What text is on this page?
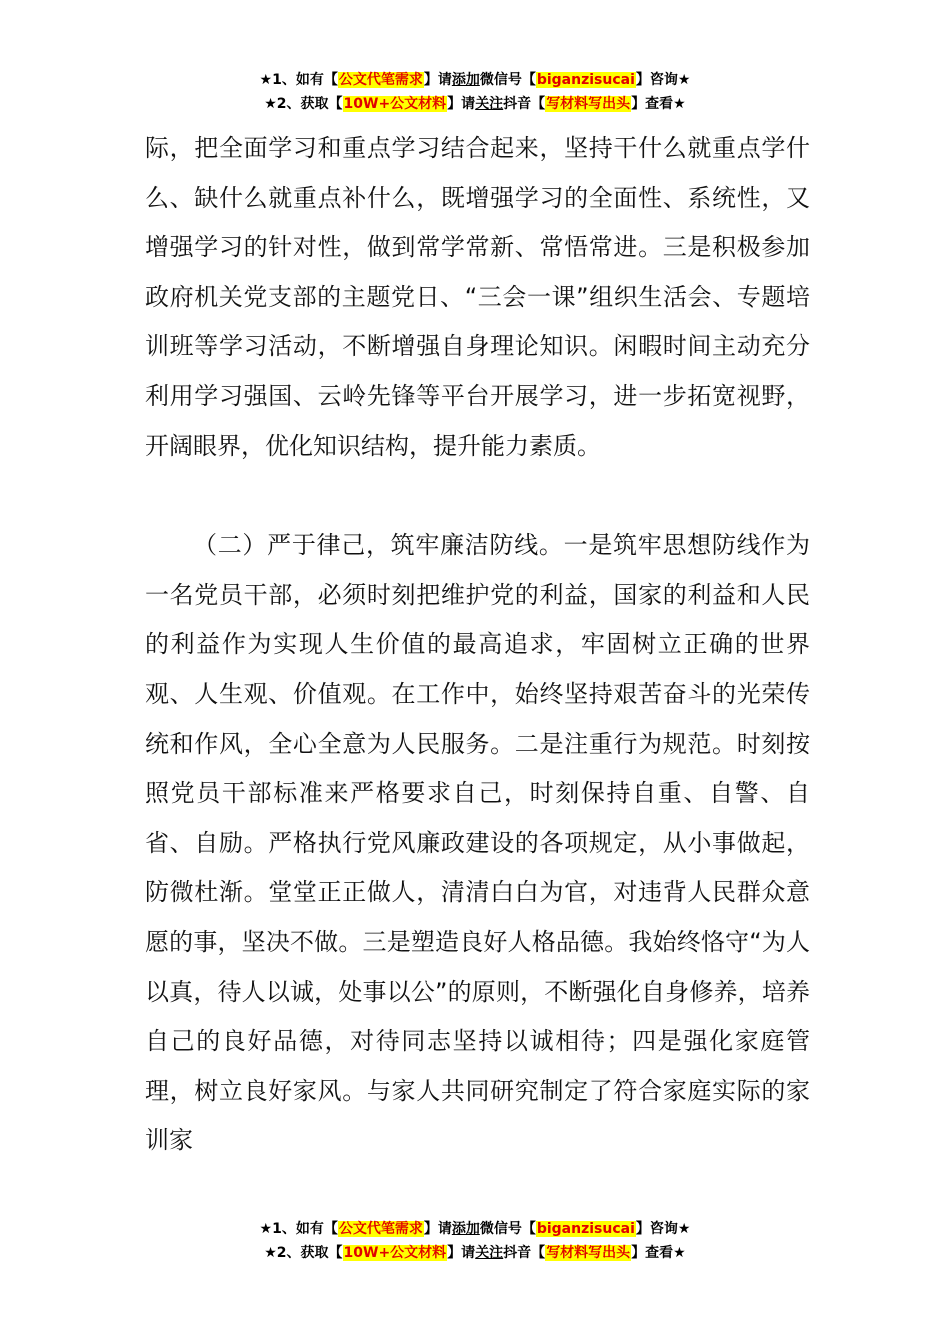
★1、如有【公文代笔需求】请添加微信号【biganzisucai】咨询★
★2、获取【10W+公文材料】请关注抖音【写材料写出头】查看★

际，把全面学习和重点学习结合起来，坚持干什么就重点学什么、缺什么就重点补什么，既增强学习的全面性、系统性，又增强学习的针对性，做到常学常新、常悟常进。三是积极参加政府机关党支部的主题党日、“三会一课”组织生活会、专题培训班等学习活动，不断增强自身理论知识。闲暇时间主动充分利用学习强国、云岭先锋等平台开展学习，进一步拓宽视野，开阔眼界，优化知识结构，提升能力素质。

（二）严于律己，筑牢廉洁防线。一是筑牢思想防线作为一名党员干部，必须时刻把维护党的利益，国家的利益和人民的利益作为实现人生价值的最高追求，牢固树立正确的世界观、人生观、价值观。在工作中，始终坚持艰苦奋斗的光荣传统和作风，全心全意为人民服务。二是注重行为规范。时刻按照党员干部标准来严格要求自己，时刻保持自重、自警、自省、自励。严格执行党风廉政建设的各项规定，从小事做起，防微杜渐。堂堂正正做人，清清白白为官，对违背人民群众意愿的事，坚决不做。三是塑造良好人格品德。我始终恪守“为人以真，待人以诚，处事以公”的原则，不断强化自身修养，培养自己的良好品德，对待同志坚持以诚相待；四是强化家庭管理，树立良好家风。与家人共同研究制定了符合家庭实际的家训家

★1、如有【公文代笔需求】请添加微信号【biganzisucai】咨询★
★2、获取【10W+公文材料】请关注抖音【写材料写出头】查看★
